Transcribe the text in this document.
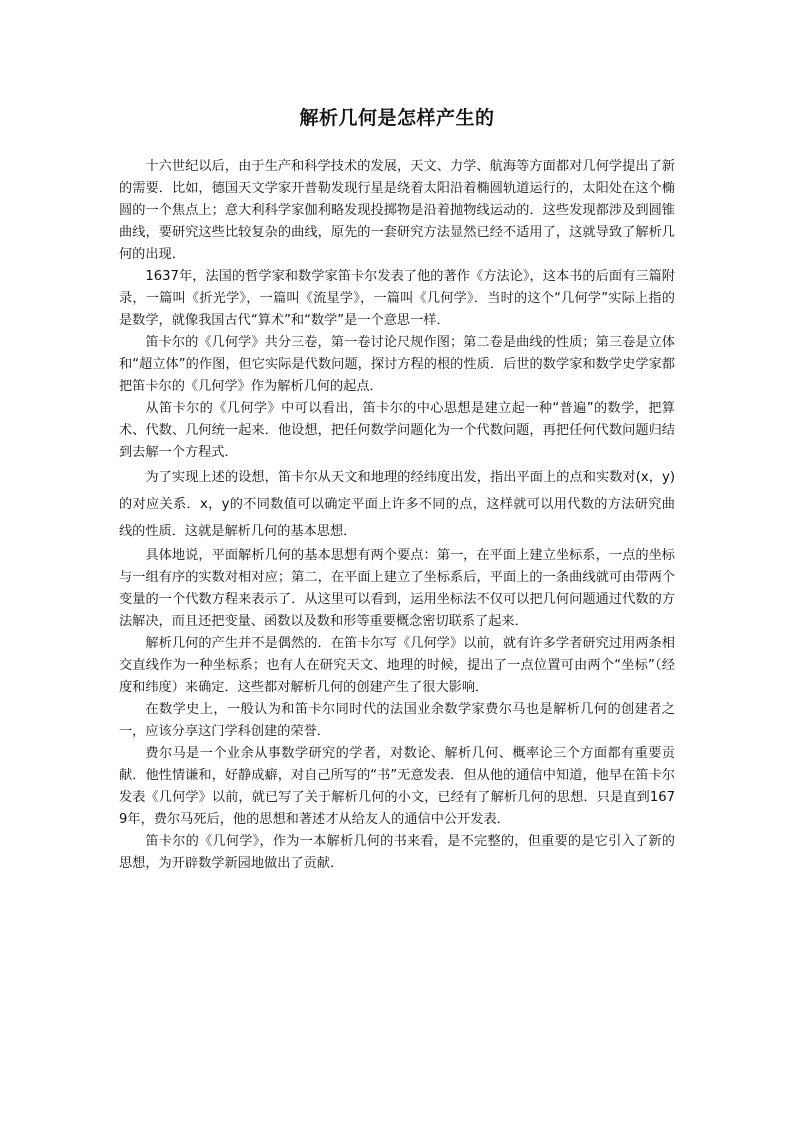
解析几何是怎样产生的

十六世纪以后，由于生产和科学技术的发展，天文、力学、航海等方面都对几何学提出了新的需要．比如，德国天文学家开普勒发现行星是绕着太阳沿着椭圆轨道运行的，太阳处在这个椭圆的一个焦点上；意大利科学家伽利略发现投掷物是沿着抛物线运动的．这些发现都涉及到圆锥曲线，要研究这些比较复杂的曲线，原先的一套研究方法显然已经不适用了，这就导致了解析几何的出现．

1637年，法国的哲学家和数学家笛卡尔发表了他的著作《方法论》，这本书的后面有三篇附录，一篇叫《折光学》，一篇叫《流星学》，一篇叫《几何学》．当时的这个“几何学”实际上指的是数学，就像我国古代“算术”和“数学”是一个意思一样．

笛卡尔的《几何学》共分三卷，第一卷讨论尺规作图；第二卷是曲线的性质；第三卷是立体和“超立体”的作图，但它实际是代数问题，探讨方程的根的性质．后世的数学家和数学史学家都把笛卡尔的《几何学》作为解析几何的起点．

从笛卡尔的《几何学》中可以看出，笛卡尔的中心思想是建立起一种“普遍”的数学，把算术、代数、几何统一起来．他设想，把任何数学问题化为一个代数问题，再把任何代数问题归结到去解一个方程式．

为了实现上述的设想，笛卡尔从天文和地理的经纬度出发，指出平面上的点和实数对(x，y)的对应关系．x，y的不同数值可以确定平面上许多不同的点，这样就可以用代数的方法研究曲线的性质．这就是解析几何的基本思想．

具体地说，平面解析几何的基本思想有两个要点：第一，在平面上建立坐标系，一点的坐标与一组有序的实数对相对应；第二，在平面上建立了坐标系后，平面上的一条曲线就可由带两个变量的一个代数方程来表示了．从这里可以看到，运用坐标法不仅可以把几何问题通过代数的方法解决，而且还把变量、函数以及数和形等重要概念密切联系了起来．

解析几何的产生并不是偶然的．在笛卡尔写《几何学》以前，就有许多学者研究过用两条相交直线作为一种坐标系；也有人在研究天文、地理的时候，提出了一点位置可由两个“坐标”（经度和纬度）来确定．这些都对解析几何的创建产生了很大影响．

在数学史上，一般认为和笛卡尔同时代的法国业余数学家费尔马也是解析几何的创建者之一，应该分享这门学科创建的荣誉．

费尔马是一个业余从事数学研究的学者，对数论、解析几何、概率论三个方面都有重要贡献．他性情谦和，好静成癖，对自己所写的“书”无意发表．但从他的通信中知道，他早在笛卡尔发表《几何学》以前，就已写了关于解析几何的小文，已经有了解析几何的思想．只是直到1679年，费尔马死后，他的思想和著述才从给友人的通信中公开发表．

笛卡尔的《几何学》，作为一本解析几何的书来看，是不完整的，但重要的是它引入了新的思想，为开辟数学新园地做出了贡献．
